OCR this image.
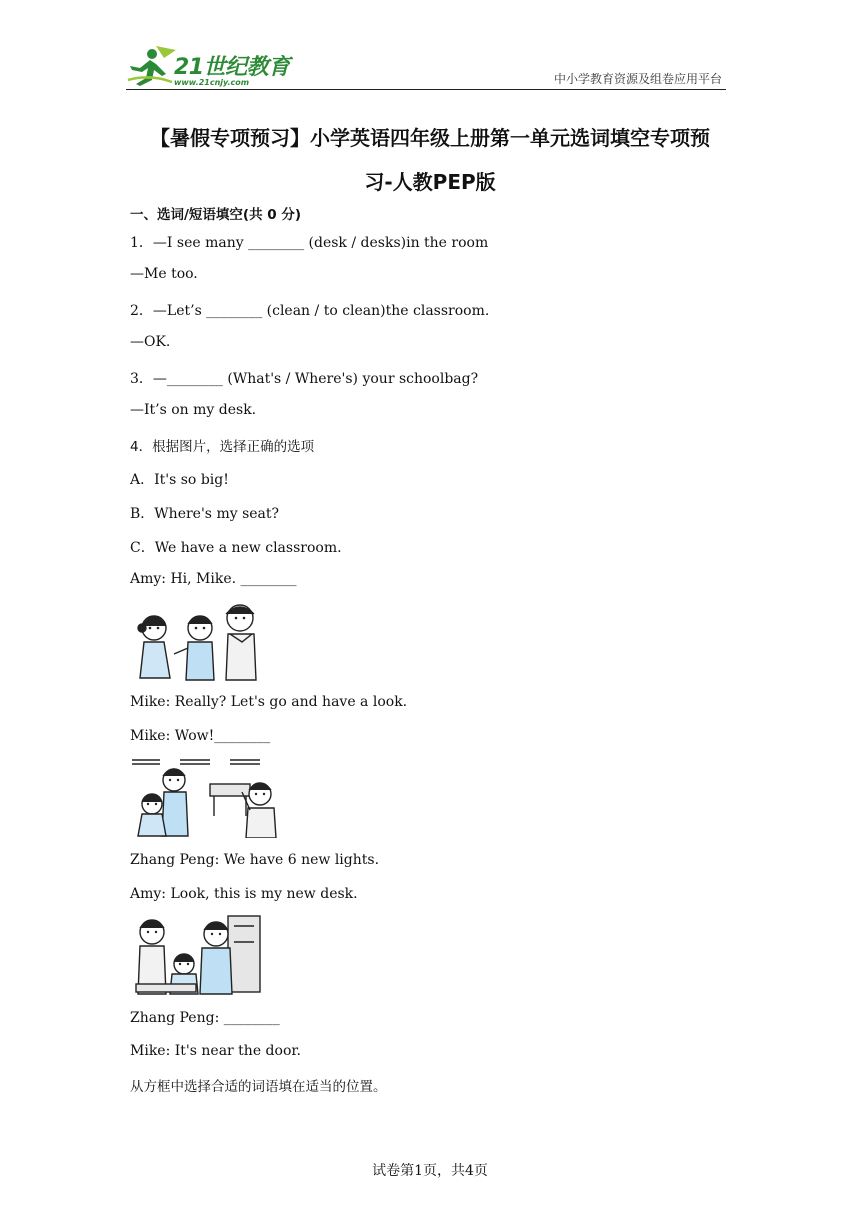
21世纪教育
www.21cnjy.com	中小学教育资源及组卷应用平台
【暑假专项预习】小学英语四年级上册第一单元选词填空专项预
习-人教PEP版
一、选词/短语填空(共 0 分)
1．—I see many ________ (desk / desks)in the room
—Me too.
2．—Let’s ________ (clean / to clean)the classroom.
—OK.
3．—________ (What's / Where's) your schoolbag?
—It’s on my desk.
4．根据图片，选择正确的选项
A．It's so big!
B．Where's my seat?
C．We have a new classroom.
Amy: Hi, Mike. ________
Mike: Really? Let's go and have a look.
Mike: Wow!________
Zhang Peng: We have 6 new lights.
Amy: Look, this is my new desk.
Zhang Peng: ________
Mike: It's near the door.
从方框中选择合适的词语填在适当的位置。
试卷第1页，共4页
